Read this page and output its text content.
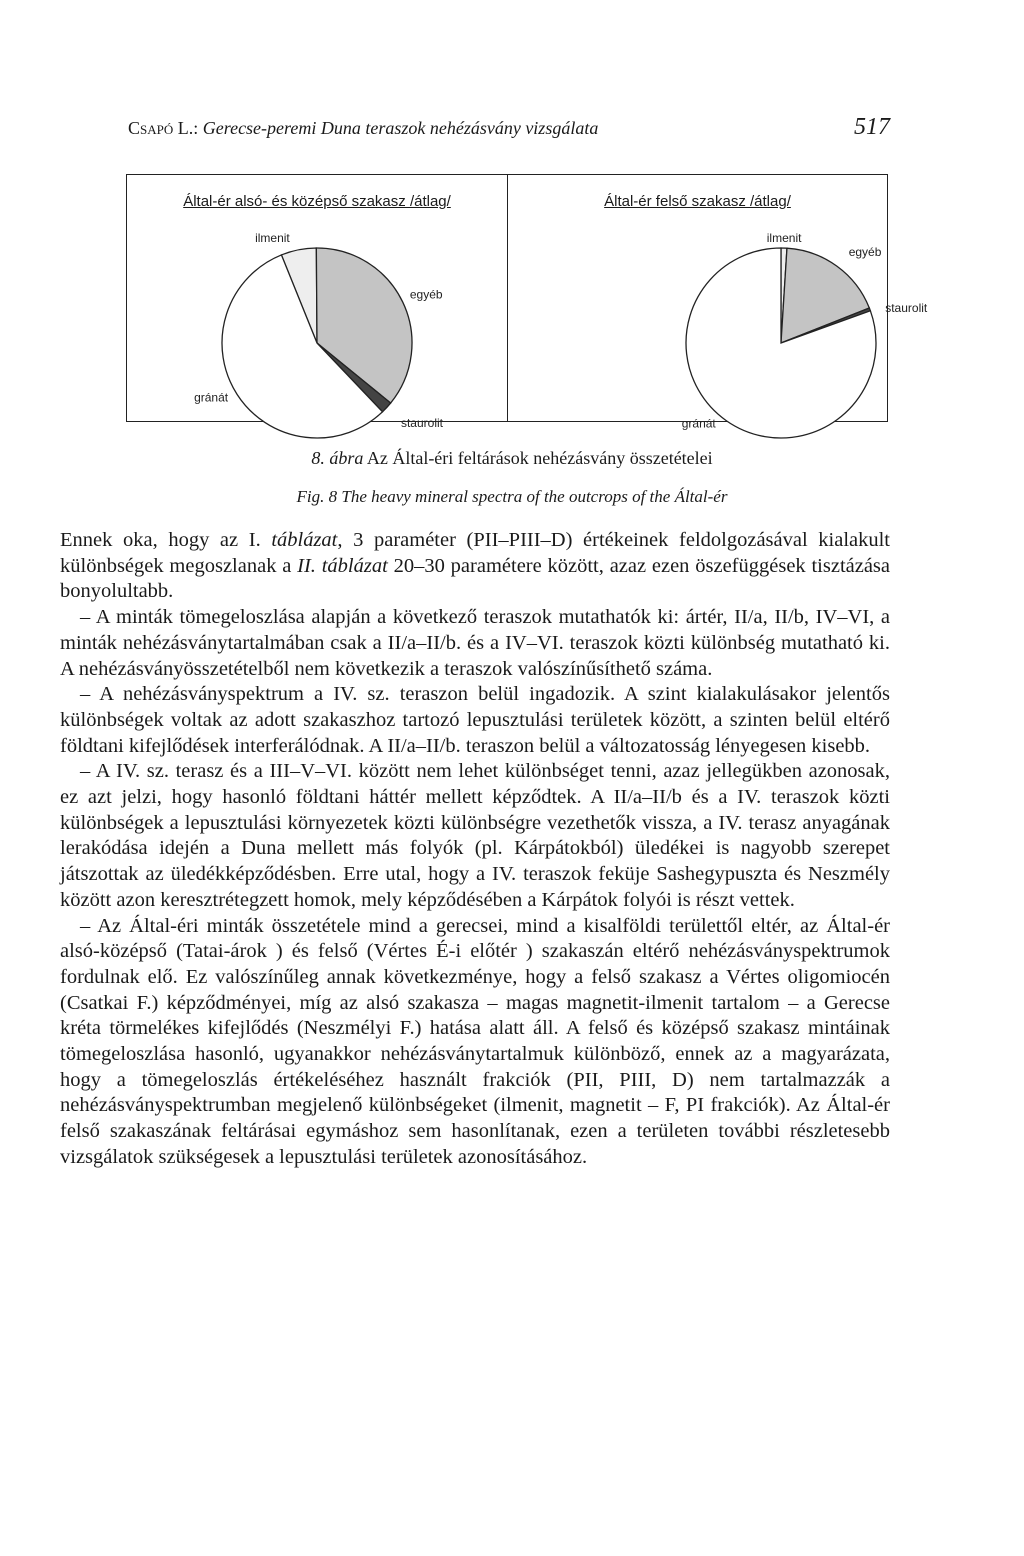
Csapó L.: Gerecse-peremi Duna teraszok nehézásvány vizsgálata	517
Által-ér alsó- és középső szakasz /átlag/
ilmenit
egyéb
staurolit
gránát
Által-ér felső szakasz /átlag/
ilmenit
egyéb
staurolit
gránát
8. ábra Az Által-éri feltárások nehézásvány összetételei
Fig. 8 The heavy mineral spectra of the outcrops of the Által-ér

Ennek oka, hogy az I. táblázat, 3 paraméter (PII–PIII–D) értékeinek feldolgozásával kialakult különbségek megoszlanak a II. táblázat 20–30 paramétere között, azaz ezen öszefüggések tisztázása bonyolultabb.

– A minták tömegeloszlása alapján a következő teraszok mutathatók ki: ártér, II/a, II/b, IV–VI, a minták nehézásványtartalmában csak a II/a–II/b. és a IV–VI. teraszok közti különbség mutatható ki. A nehézásványösszetételből nem következik a teraszok valószínűsíthető száma.

– A nehézásványspektrum a IV. sz. teraszon belül ingadozik. A szint kialakulásakor jelentős különbségek voltak az adott szakaszhoz tartozó lepusztulási területek között, a szinten belül eltérő földtani kifejlődések interferálódnak. A II/a–II/b. teraszon belül a változatosság lényegesen kisebb.

– A IV. sz. terasz és a III–V–VI. között nem lehet különbséget tenni, azaz jellegükben azonosak, ez azt jelzi, hogy hasonló földtani háttér mellett képződtek. A II/a–II/b és a IV. teraszok közti különbségek a lepusztulási környezetek közti különbségre vezethetők vissza, a IV. terasz anyagának lerakódása idején a Duna mellett más folyók (pl. Kárpátokból) üledékei is nagyobb szerepet játszottak az üledékképződésben. Erre utal, hogy a IV. teraszok feküje Sashegypuszta és Neszmély között azon keresztrétegzett homok, mely képződésében a Kárpátok folyói is részt vettek.

– Az Által-éri minták összetétele mind a gerecsei, mind a kisalföldi területtől eltér, az Által-ér alsó-középső (Tatai-árok ) és felső (Vértes É-i előtér ) szakaszán eltérő nehézásványspektrumok fordulnak elő. Ez valószínűleg annak következménye, hogy a felső szakasz a Vértes oligomiocén (Csatkai F.) képződményei, míg az alsó szakasza – magas magnetit-ilmenit tartalom – a Gerecse kréta törmelékes kifejlődés (Neszmélyi F.) hatása alatt áll. A felső és középső szakasz mintáinak tömegeloszlása hasonló, ugyanakkor nehézásványtartalmuk különböző, ennek az a magyarázata, hogy a tömegeloszlás értékeléséhez használt frakciók (PII, PIII, D) nem tartalmazzák a nehézásványspektrumban megjelenő különbségeket (ilmenit, magnetit – F, PI frakciók). Az Által-ér felső szakaszának feltárásai egymáshoz sem hasonlítanak, ezen a területen további részletesebb vizsgálatok szükségesek a lepusztulási területek azonosításához.
